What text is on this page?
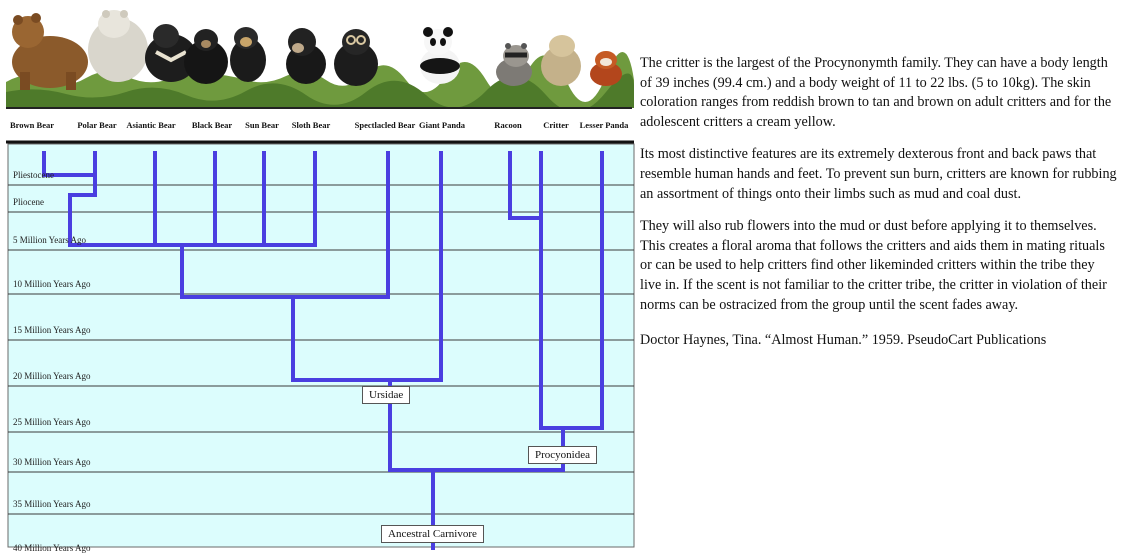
Brown Bear	Polar Bear Asiantic Bear Black Bear Sun Bear Sloth Bear	Spectlacled Bear Giant Panda	Racoon	Critter Lesser Panda
Pliestocene
Pliocene
5 Million Years Ago
10 Million Years Ago
15 Million Years Ago
20 Million Years Ago
25 Million Years Ago
30 Million Years Ago
35 Million Years Ago
40 Million Years Ago
Ursidae
Procyonidea
Ancestral Carnivore

The critter is the largest of the Procynonymth family. They can have a body length of 39 inches (99.4 cm.) and a body weight of 11 to 22 lbs. (5 to 10kg). The skin coloration ranges from reddish brown to tan and brown on adult critters and for the adolescent critters a cream yellow.

Its most distinctive features are its extremely dexterous front and back paws that resemble human hands and feet. To prevent sun burn, critters are known for rubbing an assortment of things onto their limbs such as mud and coal dust.

They will also rub flowers into the mud or dust before applying it to themselves. This creates a floral aroma that follows the critters and aids them in mating rituals or can be used to help critters find other likeminded critters within the tribe they live in. If the scent is not familiar to the critter tribe, the critter in violation of their norms can be ostracized from the group until the scent fades away.

Doctor Haynes, Tina. “Almost Human.” 1959. PseudoCart Publications
